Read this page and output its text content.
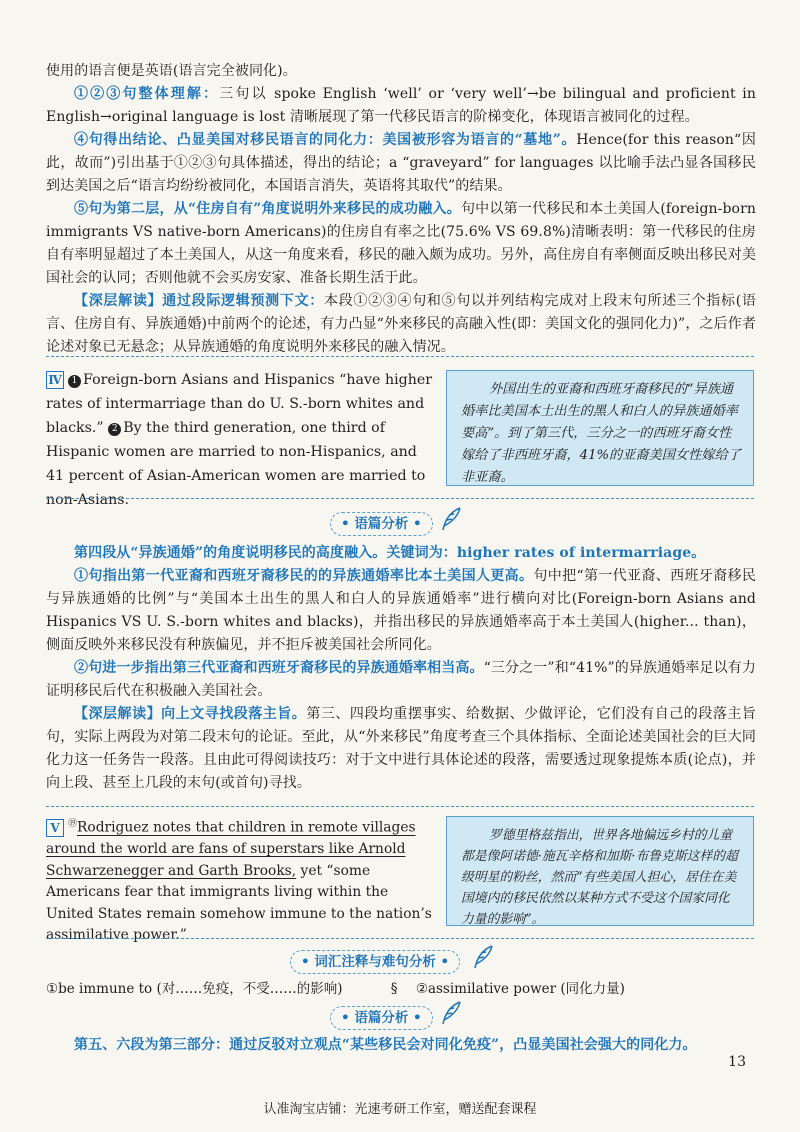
使用的语言便是英语(语言完全被同化)。

①②③句整体理解：三句以 spoke English ‘well’ or ‘very well’→be bilingual and proficient in English→original language is lost 清晰展现了第一代移民语言的阶梯变化，体现语言被同化的过程。

④句得出结论、凸显美国对移民语言的同化力：美国被形容为语言的“墓地”。Hence(for this reason“因此，故而”)引出基于①②③句具体描述，得出的结论；a “graveyard” for languages 以比喻手法凸显各国移民到达美国之后“语言均纷纷被同化，本国语言消失，英语将其取代”的结果。

⑤句为第二层，从“住房自有”角度说明外来移民的成功融入。句中以第一代移民和本土美国人(foreign-born immigrants VS native-born Americans)的住房自有率之比(75.6% VS 69.8%)清晰表明：第一代移民的住房自有率明显超过了本土美国人，从这一角度来看，移民的融入颇为成功。另外，高住房自有率侧面反映出移民对美国社会的认同；否则他就不会买房安家、准备长期生活于此。

【深层解读】通过段际逻辑预测下文：本段①②③④句和⑤句以并列结构完成对上段末句所述三个指标(语言、住房自有、异族通婚)中前两个的论述，有力凸显“外来移民的高融入性(即：美国文化的强同化力)”，之后作者论述对象已无悬念；从异族通婚的角度说明外来移民的融入情况。

Ⅳ 1 Foreign-born Asians and Hispanics “have higher rates of intermarriage than do U. S.-born whites and blacks.” 2 By the third generation, one third of Hispanic women are married to non-Hispanics, and 41 percent of Asian-American women are married to non-Asians.

外国出生的亚裔和西班牙裔移民的“异族通婚率比美国本土出生的黑人和白人的异族通婚率要高”。到了第三代，三分之一的西班牙裔女性嫁给了非西班牙裔，41%的亚裔美国女性嫁给了非亚裔。

• 语篇分析 •

第四段从“异族通婚”的角度说明移民的高度融入。关键词为：higher rates of intermarriage。

①句指出第一代亚裔和西班牙裔移民的的异族通婚率比本土美国人更高。句中把“第一代亚裔、西班牙裔移民与异族通婚的比例”与“美国本土出生的黑人和白人的异族通婚率”进行横向对比(Foreign-born Asians and Hispanics VS U. S.-born whites and blacks)，并指出移民的异族通婚率高于本土美国人(higher... than)，侧面反映外来移民没有种族偏见，并不拒斥被美国社会所同化。

②句进一步指出第三代亚裔和西班牙裔移民的异族通婚率相当高。“三分之一”和“41%”的异族通婚率足以有力证明移民后代在积极融入美国社会。

【深层解读】向上文寻找段落主旨。第三、四段均重摆事实、给数据、少做评论，它们没有自己的段落主旨句，实际上两段为对第二段末句的论证。至此，从“外来移民”角度考查三个具体指标、全面论述美国社会的巨大同化力这一任务告一段落。且由此可得阅读技巧：对于文中进行具体论述的段落，需要透过现象提炼本质(论点)，并向上段、甚至上几段的末句(或首句)寻找。

Ⅴ ⑲Rodriguez notes that children in remote villages around the world are fans of superstars like Arnold Schwarzenegger and Garth Brooks, yet “some Americans fear that immigrants living within the United States remain somehow immune to the nation’s assimilative power.”

罗德里格兹指出，世界各地偏远乡村的儿童都是像阿诺德·施瓦辛格和加斯·布鲁克斯这样的超级明星的粉丝，然而“有些美国人担心，居住在美国境内的移民依然以某种方式不受这个国家同化力量的影响”。

• 词汇注释与难句分析 •
①be immune to (对……免疫，不受……的影响)	§ ②assimilative power (同化力量)
• 语篇分析 •

第五、六段为第三部分：通过反驳对立观点“某些移民会对同化免疫”，凸显美国社会强大的同化力。

13
认准淘宝店铺：光速考研工作室，赠送配套课程
